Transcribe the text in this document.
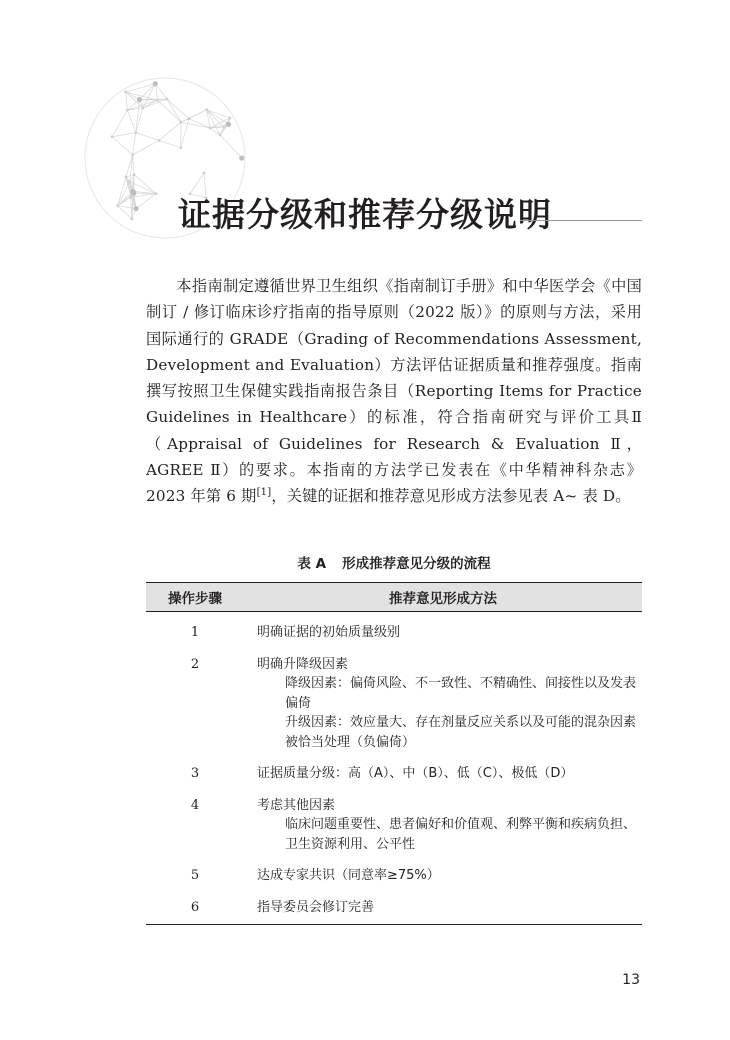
证据分级和推荐分级说明

本指南制定遵循世界卫生组织《指南制订手册》和中华医学会《中国制订 / 修订临床诊疗指南的指导原则（2022 版）》的原则与方法，采用国际通行的 GRADE（Grading of Recommendations Assessment, Development and Evaluation）方法评估证据质量和推荐强度。指南撰写按照卫生保健实践指南报告条目（Reporting Items for Practice Guidelines in Healthcare）的标准，符合指南研究与评价工具Ⅱ（Appraisal of Guidelines for Research & Evaluation Ⅱ，AGREE Ⅱ）的要求。本指南的方法学已发表在《中华精神科杂志》2023 年第 6 期[1]，关键的证据和推荐意见形成方法参见表 A~ 表 D。

表 A 形成推荐意见分级的流程
操作步骤	推荐意见形成方法
1	明确证据的初始质量级别
2	明确升降级因素
降级因素：偏倚风险、不一致性、不精确性、间接性以及发表偏倚
升级因素：效应量大、存在剂量反应关系以及可能的混杂因素被恰当处理（负偏倚）

3	证据质量分级：高（A）、中（B）、低（C）、极低（D）
4	考虑其他因素
临床问题重要性、患者偏好和价值观、利弊平衡和疾病负担、卫生资源利用、公平性

5	达成专家共识（同意率≥75%）
6	指导委员会修订完善
13
